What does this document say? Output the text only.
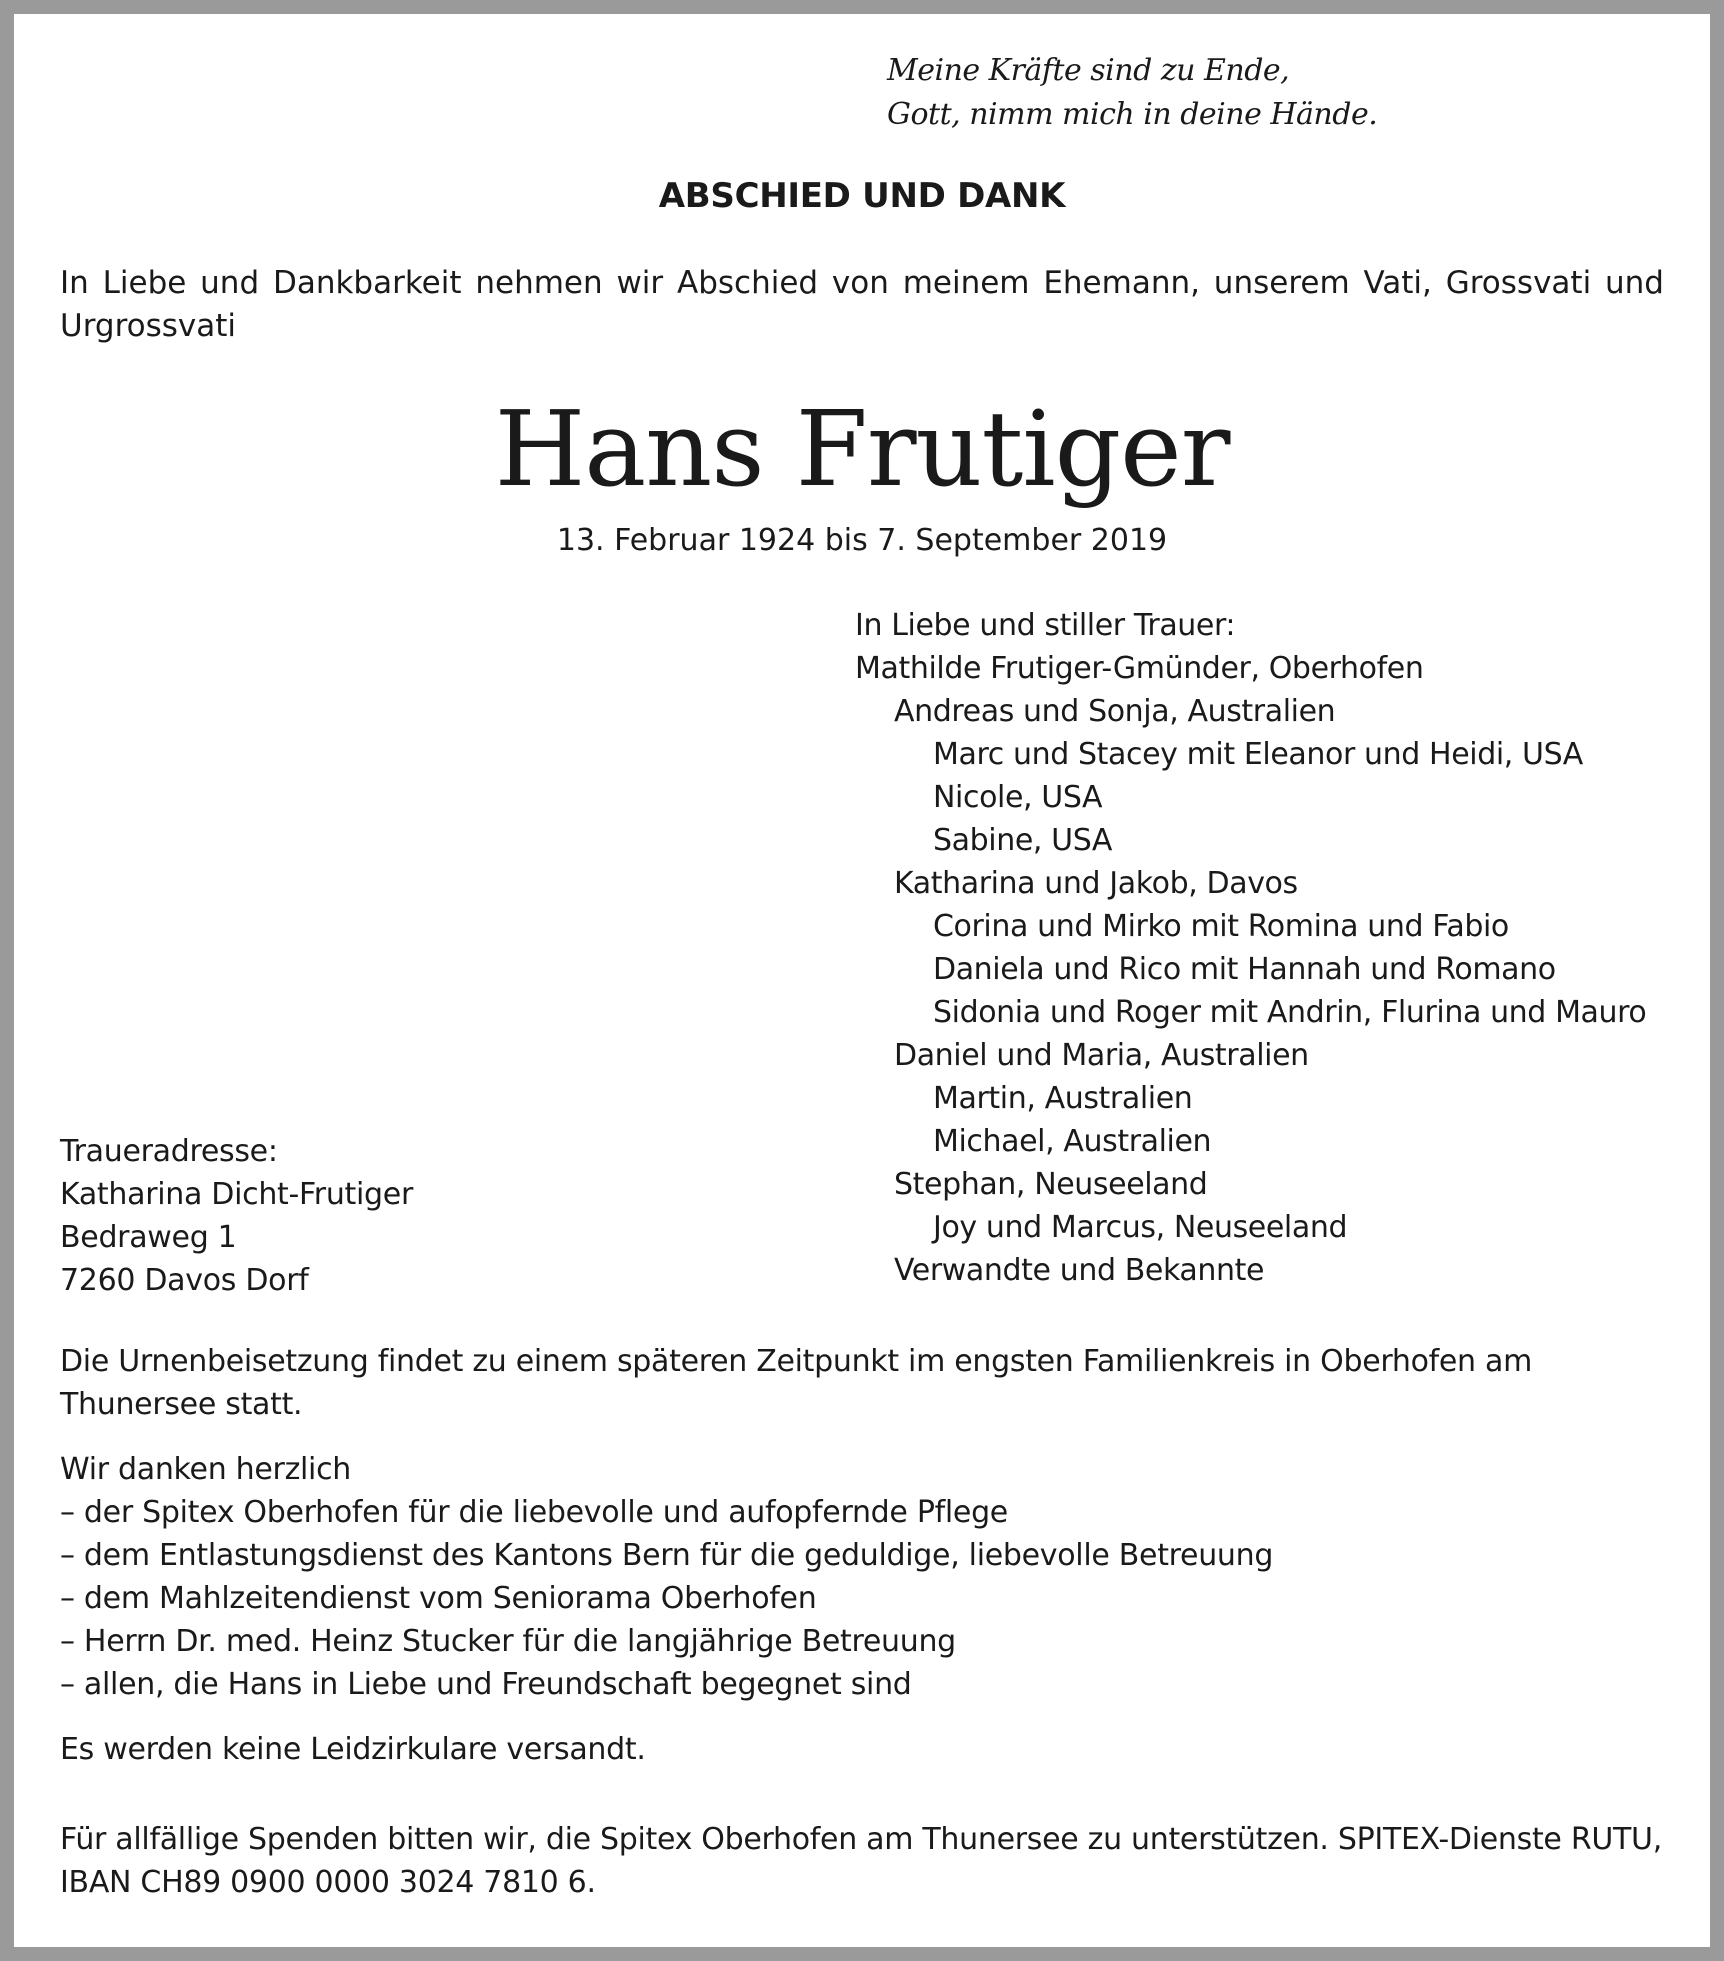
Meine Kräfte sind zu Ende,
Gott, nimm mich in deine Hände.
ABSCHIED UND DANK
In Liebe und Dankbarkeit nehmen wir Abschied von meinem Ehemann, unserem Vati, Grossvati und Urgrossvati
Hans Frutiger
13. Februar 1924 bis 7. September 2019
In Liebe und stiller Trauer:
Mathilde Frutiger-Gmünder, Oberhofen
Andreas und Sonja, Australien
Marc und Stacey mit Eleanor und Heidi, USA
Nicole, USA
Sabine, USA
Katharina und Jakob, Davos
Corina und Mirko mit Romina und Fabio
Daniela und Rico mit Hannah und Romano
Sidonia und Roger mit Andrin, Flurina und Mauro
Daniel und Maria, Australien
Martin, Australien
Michael, Australien
Stephan, Neuseeland
Joy und Marcus, Neuseeland
Verwandte und Bekannte
Traueradresse:
Katharina Dicht-Frutiger
Bedraweg 1
7260 Davos Dorf
Die Urnenbeisetzung findet zu einem späteren Zeitpunkt im engsten Familienkreis in Oberhofen am Thunersee statt.
Wir danken herzlich
– der Spitex Oberhofen für die liebevolle und aufopfernde Pflege
– dem Entlastungsdienst des Kantons Bern für die geduldige, liebevolle Betreuung
– dem Mahlzeitendienst vom Seniorama Oberhofen
– Herrn Dr. med. Heinz Stucker für die langjährige Betreuung
– allen, die Hans in Liebe und Freundschaft begegnet sind
Es werden keine Leidzirkulare versandt.
Für allfällige Spenden bitten wir, die Spitex Oberhofen am Thunersee zu unterstützen. SPITEX-Dienste RUTU, IBAN CH89 0900 0000 3024 7810 6.
